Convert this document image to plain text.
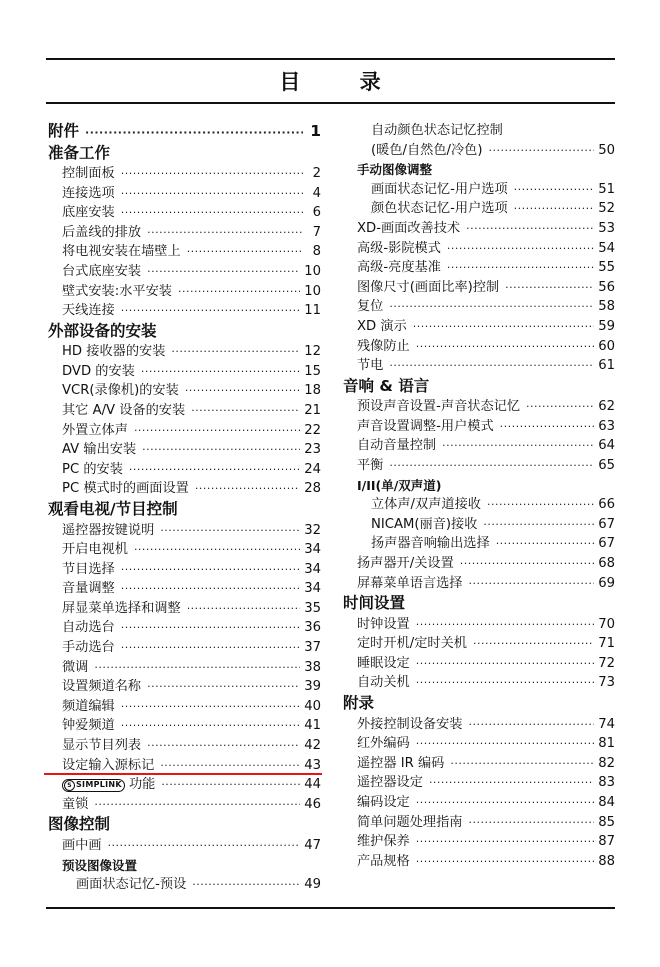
目 录
附件 ·····	1
准备工作
控制面板 ·····	2
连接选项 ·····	4
底座安装 ·····	6
后盖线的排放 ·····	7
将电视安装在墙壁上 ·····	8
台式底座安装 ·····	10
壁式安装:水平安装 ·····	10
天线连接 ·····	11
外部设备的安装
HD 接收器的安装 ·····	12
DVD 的安装 ·····	15
VCR(录像机)的安装 ·····	18
其它 A/V 设备的安装 ·····	21
外置立体声 ·····	22
AV 输出安装 ·····	23
PC 的安装 ·····	24
PC 模式时的画面设置 ·····	28
观看电视/节目控制
遥控器按键说明 ·····	32
开启电视机 ·····	34
节目选择 ·····	34
音量调整 ·····	34
屏显菜单选择和调整 ·····	35
自动选台 ·····	36
手动选台 ·····	37
微调 ·····	38
设置频道名称 ·····	39
频道编辑 ·····	40
钟爱频道 ·····	41
显示节目列表 ·····	42
设定输入源标记 ·····	43
S SIMPLINK 功能 ·····	44
童锁 ·····	46
图像控制
画中画 ·····	47
预设图像设置
画面状态记忆-预设 ·····	49
自动颜色状态记忆控制
(暖色/自然色/冷色) ·····	50
手动图像调整
画面状态记忆-用户选项 ·····	51
颜色状态记忆-用户选项 ·····	52
XD-画面改善技术 ·····	53
高级-影院模式 ·····	54
高级-亮度基准 ·····	55
图像尺寸(画面比率)控制 ·····	56
复位 ·····	58
XD 演示 ·····	59
残像防止 ·····	60
节电 ·····	61
音响 & 语言
预设声音设置-声音状态记忆 ·····	62
声音设置调整-用户模式 ·····	63
自动音量控制 ·····	64
平衡 ·····	65
I/II(单/双声道)
立体声/双声道接收 ·····	66
NICAM(丽音)接收 ·····	67
扬声器音响输出选择 ·····	67
扬声器开/关设置 ·····	68
屏幕菜单语言选择 ·····	69
时间设置
时钟设置 ·····	70
定时开机/定时关机 ·····	71
睡眠设定 ·····	72
自动关机 ·····	73
附录
外接控制设备安装 ·····	74
红外编码 ·····	81
遥控器 IR 编码 ·····	82
遥控器设定 ·····	83
编码设定 ·····	84
简单问题处理指南 ·····	85
维护保养 ·····	87
产品规格 ·····	88
